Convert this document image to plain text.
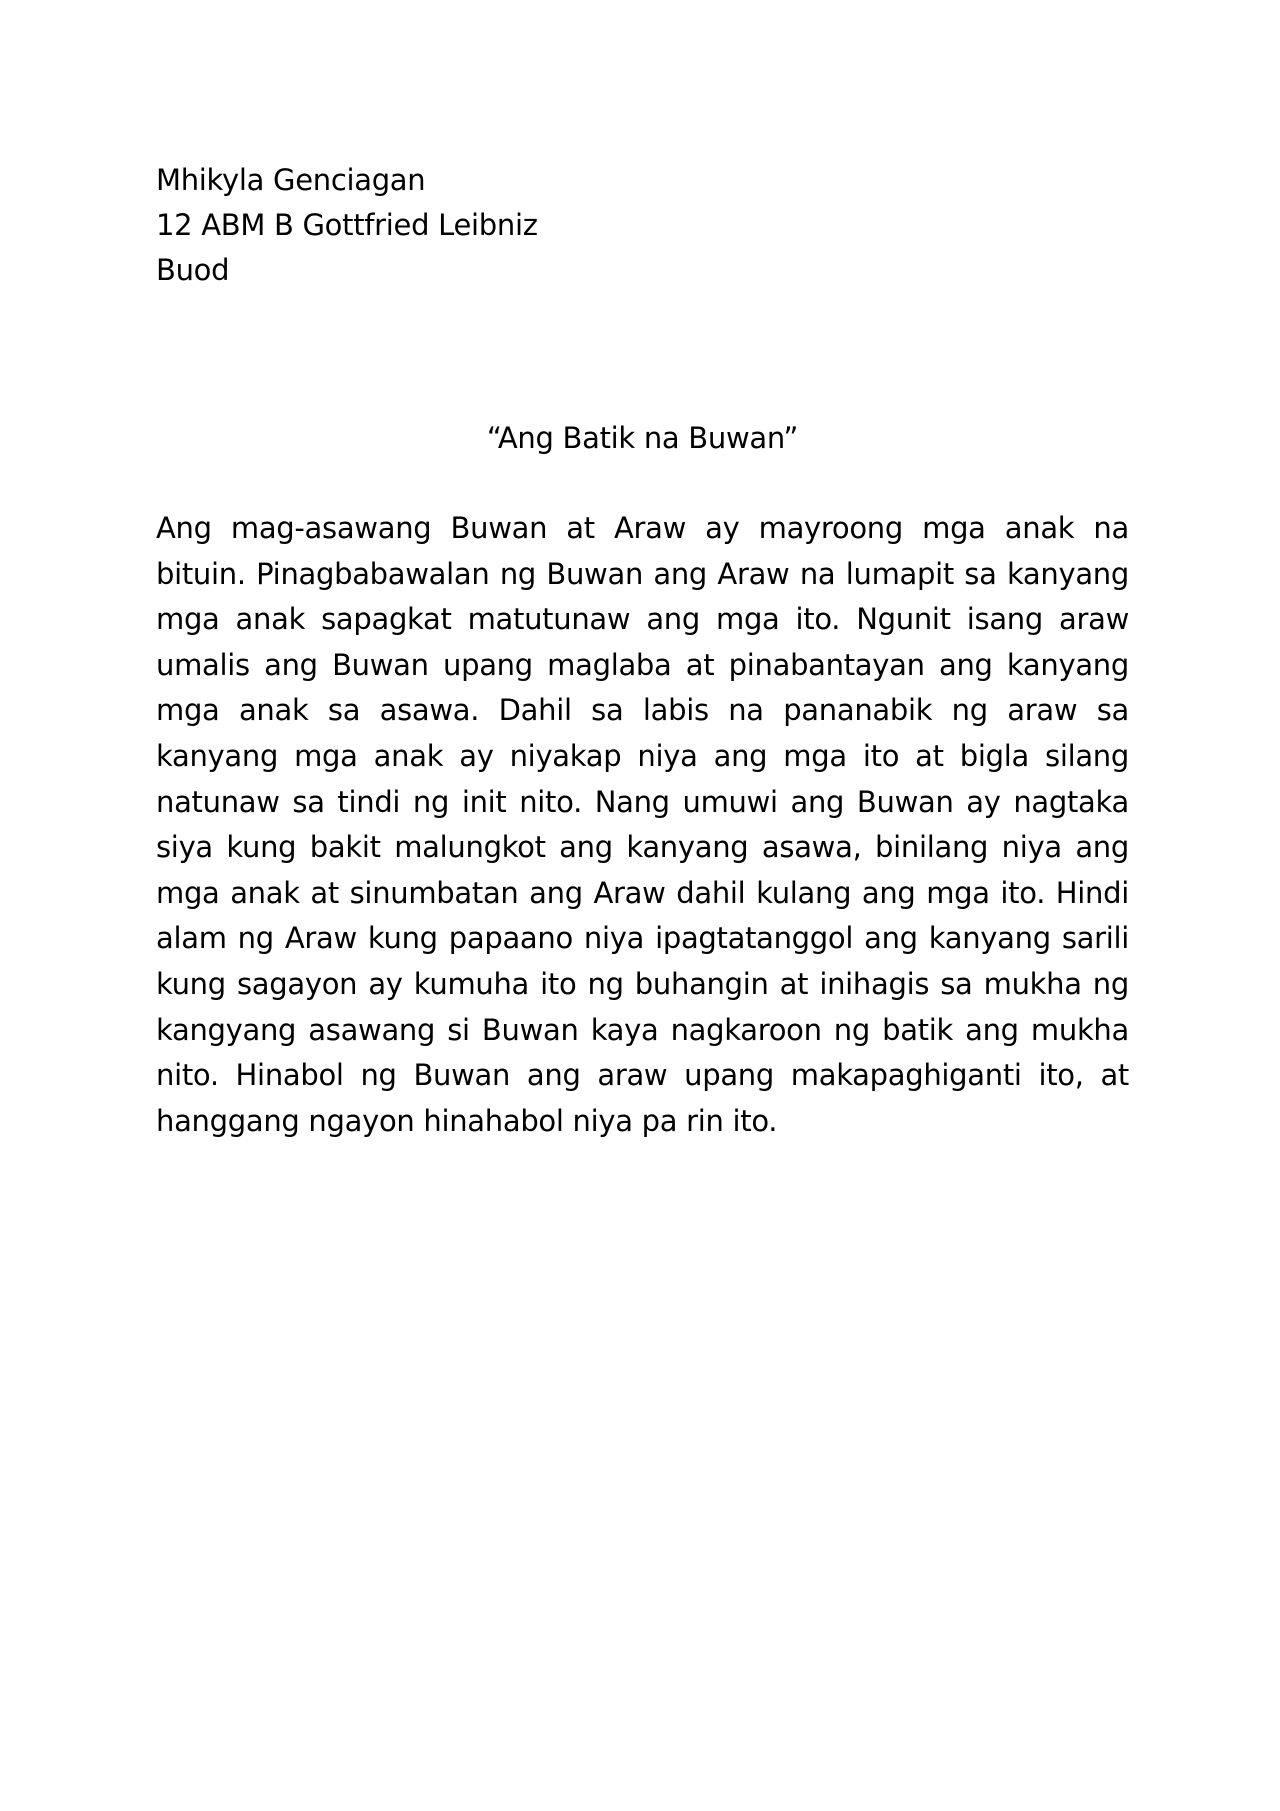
Mhikyla Genciagan
12 ABM B Gottfried Leibniz
Buod
“Ang Batik na Buwan”

Ang mag-asawang Buwan at Araw ay mayroong mga anak na bituin. Pinagbabawalan ng Buwan ang Araw na lumapit sa kanyang mga anak sapagkat matutunaw ang mga ito. Ngunit isang araw umalis ang Buwan upang maglaba at pinabantayan ang kanyang mga anak sa asawa. Dahil sa labis na pananabik ng araw sa kanyang mga anak ay niyakap niya ang mga ito at bigla silang natunaw sa tindi ng init nito. Nang umuwi ang Buwan ay nagtaka siya kung bakit malungkot ang kanyang asawa, binilang niya ang mga anak at sinumbatan ang Araw dahil kulang ang mga ito. Hindi alam ng Araw kung papaano niya ipagtatanggol ang kanyang sarili kung sagayon ay kumuha ito ng buhangin at inihagis sa mukha ng kangyang asawang si Buwan kaya nagkaroon ng batik ang mukha nito. Hinabol ng Buwan ang araw upang makapaghiganti ito, at hanggang ngayon hinahabol niya pa rin ito.
